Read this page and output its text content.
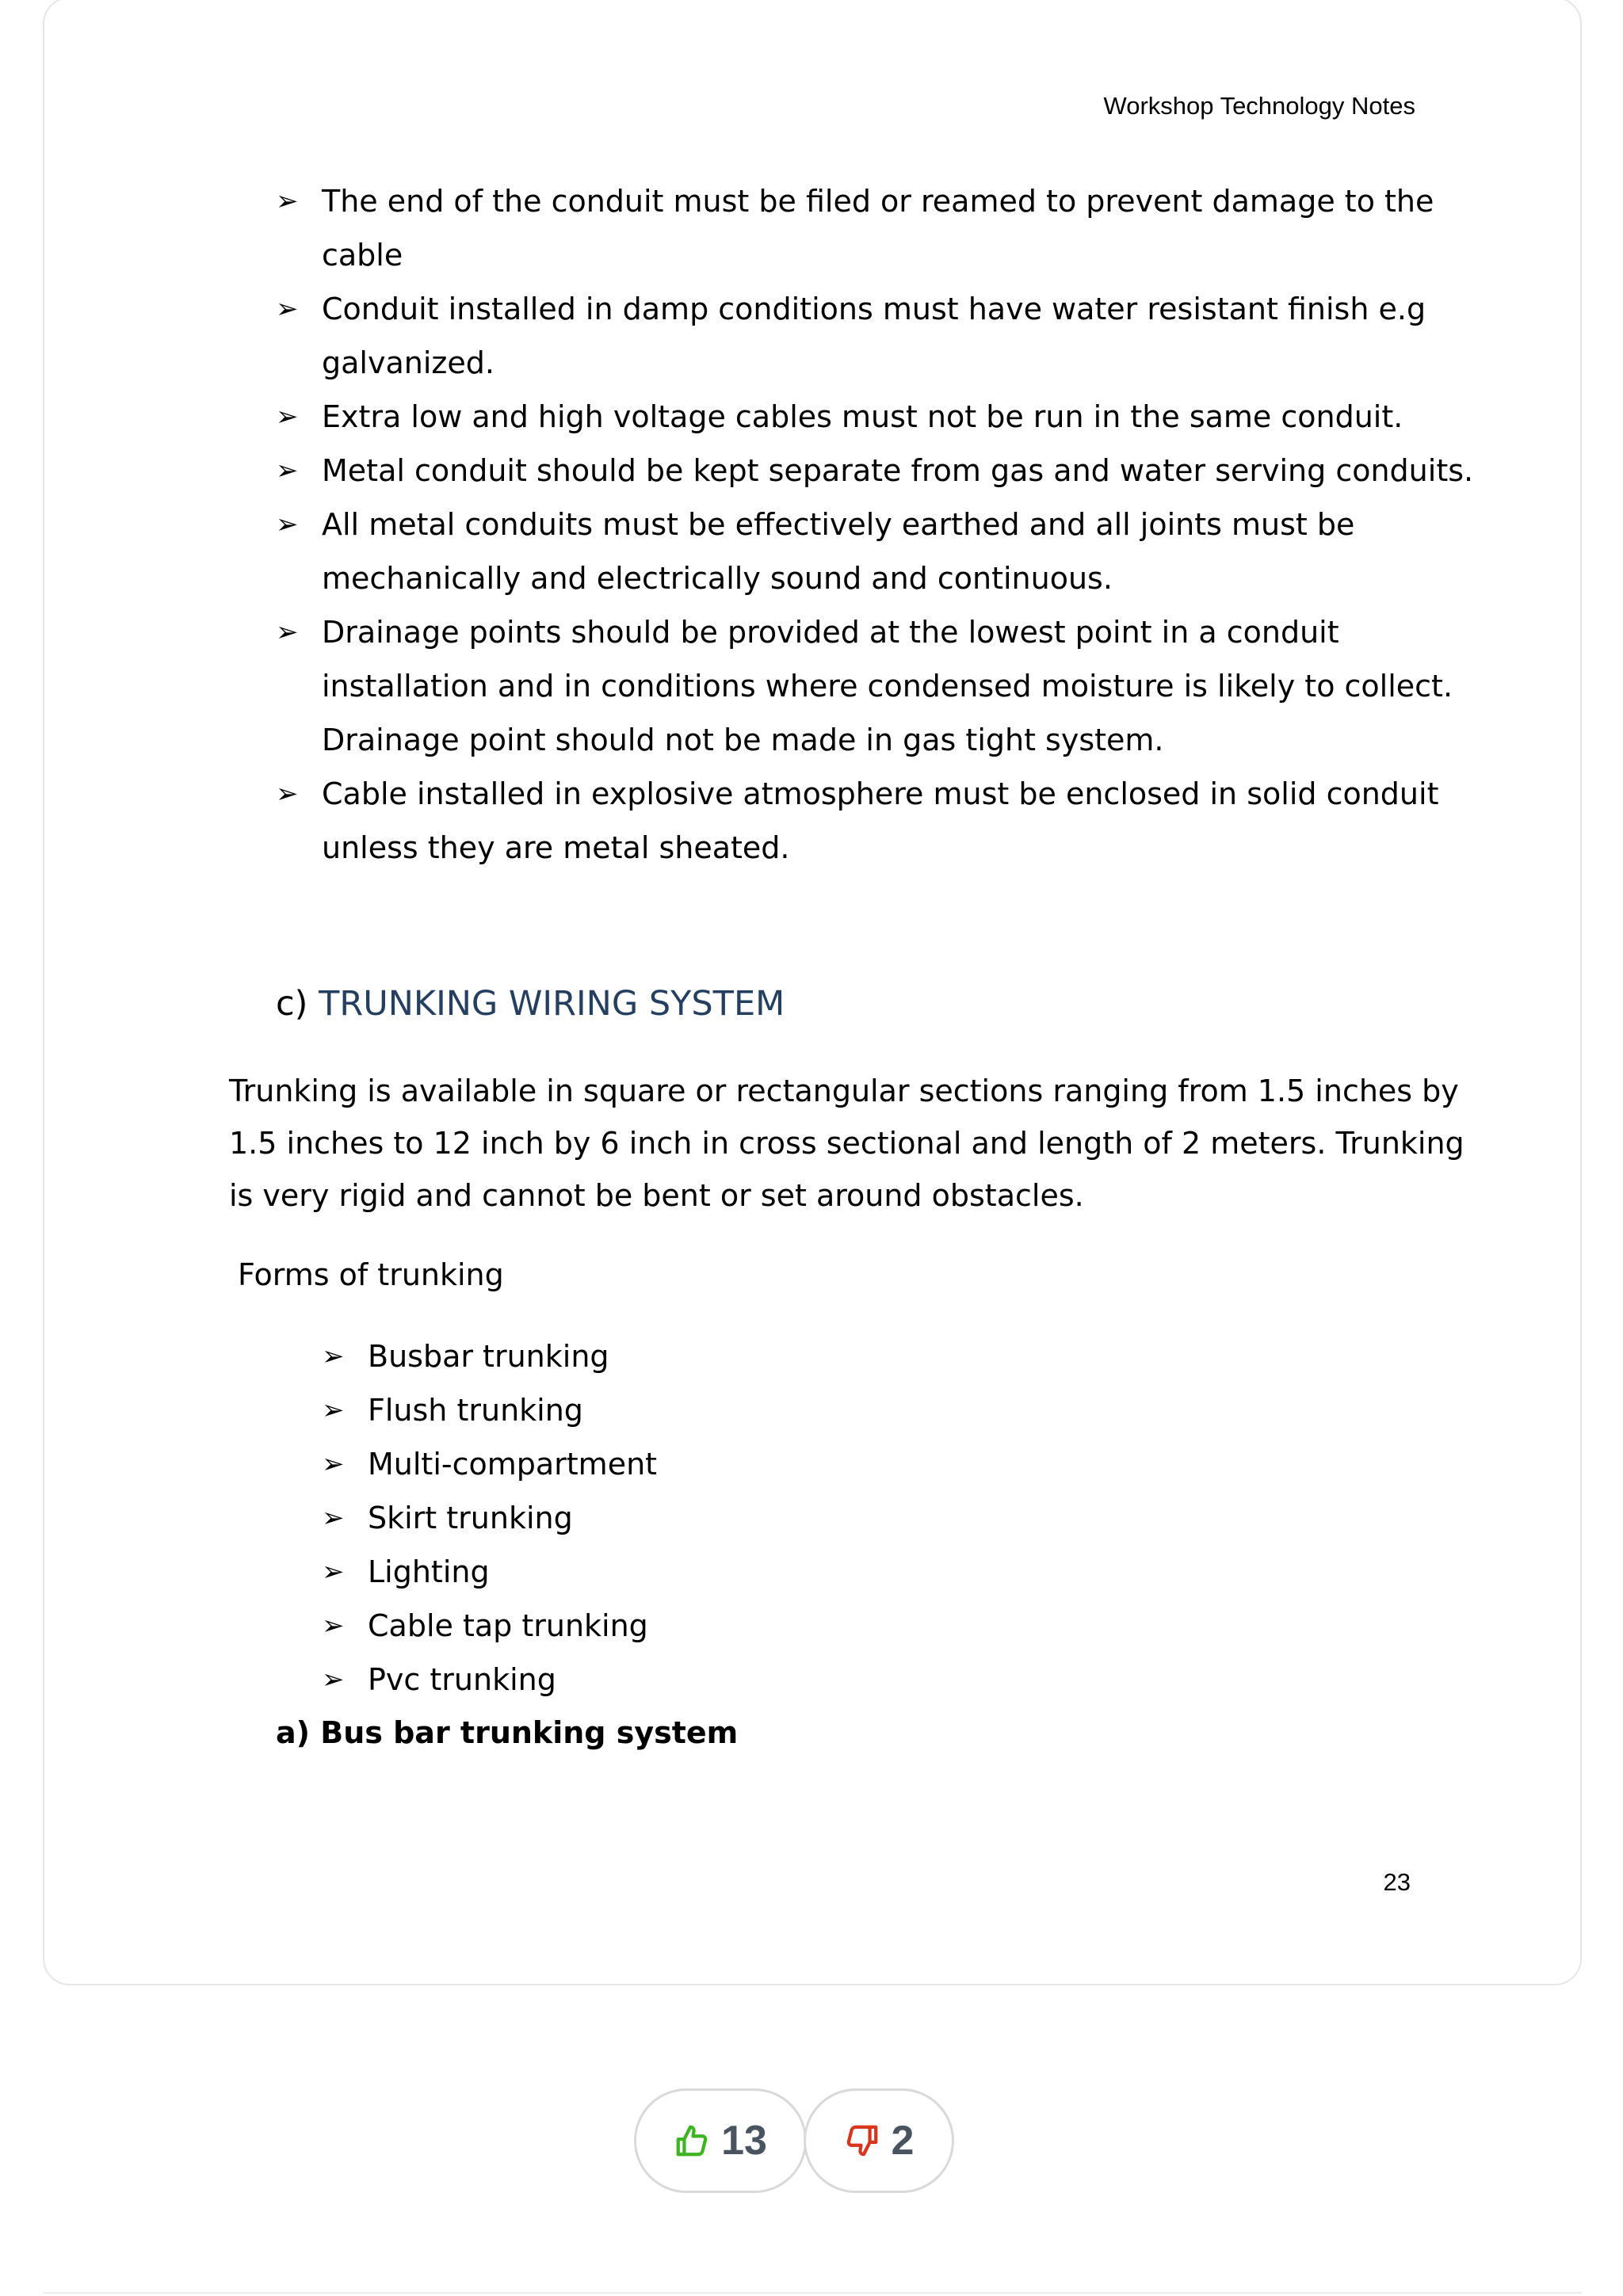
Workshop Technology Notes
➢ The end of the conduit must be filed or reamed to prevent damage to the cable
➢ Conduit installed in damp conditions must have water resistant finish e.g galvanized.
➢ Extra low and high voltage cables must not be run in the same conduit.
➢ Metal conduit should be kept separate from gas and water serving conduits.
➢ All metal conduits must be effectively earthed and all joints must be mechanically and electrically sound and continuous.
➢ Drainage points should be provided at the lowest point in a conduit installation and in conditions where condensed moisture is likely to collect. Drainage point should not be made in gas tight system.
➢ Cable installed in explosive atmosphere must be enclosed in solid conduit unless they are metal sheated.
c) TRUNKING WIRING SYSTEM

Trunking is available in square or rectangular sections ranging from 1.5 inches by 1.5 inches to 12 inch by 6 inch in cross sectional and length of 2 meters. Trunking is very rigid and cannot be bent or set around obstacles.

Forms of trunking
➢ Busbar trunking
➢ Flush trunking
➢ Multi-compartment
➢ Skirt trunking
➢ Lighting
➢ Cable tap trunking
➢ Pvc trunking
a) Bus bar trunking system
23
13	2
